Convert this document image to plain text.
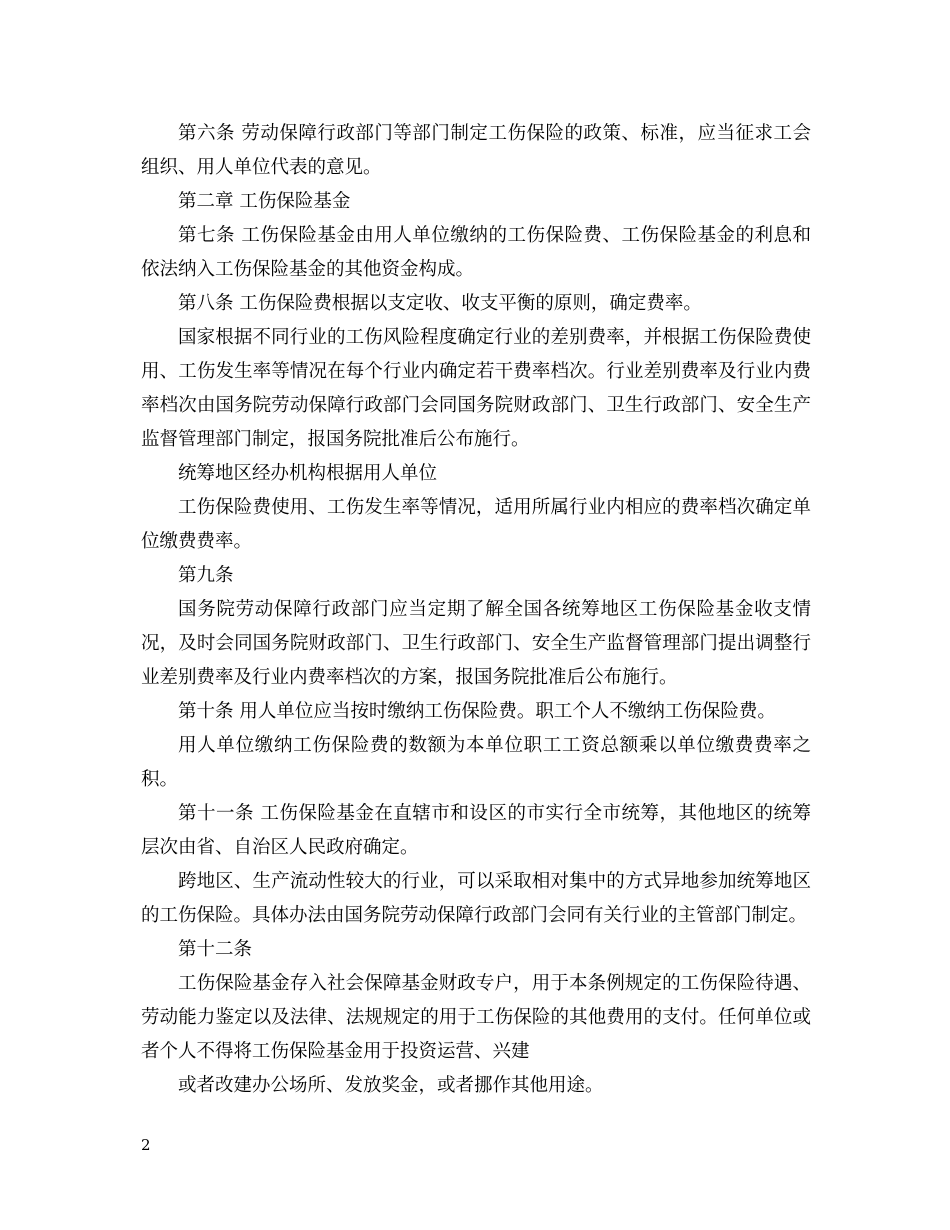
第六条 劳动保障行政部门等部门制定工伤保险的政策、标准，应当征求工会组织、用人单位代表的意见。

第二章 工伤保险基金

第七条 工伤保险基金由用人单位缴纳的工伤保险费、工伤保险基金的利息和依法纳入工伤保险基金的其他资金构成。

第八条 工伤保险费根据以支定收、收支平衡的原则，确定费率。

国家根据不同行业的工伤风险程度确定行业的差别费率，并根据工伤保险费使用、工伤发生率等情况在每个行业内确定若干费率档次。行业差别费率及行业内费率档次由国务院劳动保障行政部门会同国务院财政部门、卫生行政部门、安全生产监督管理部门制定，报国务院批准后公布施行。

统筹地区经办机构根据用人单位

工伤保险费使用、工伤发生率等情况，适用所属行业内相应的费率档次确定单位缴费费率。

第九条

国务院劳动保障行政部门应当定期了解全国各统筹地区工伤保险基金收支情况，及时会同国务院财政部门、卫生行政部门、安全生产监督管理部门提出调整行业差别费率及行业内费率档次的方案，报国务院批准后公布施行。

第十条 用人单位应当按时缴纳工伤保险费。职工个人不缴纳工伤保险费。

用人单位缴纳工伤保险费的数额为本单位职工工资总额乘以单位缴费费率之积。

第十一条 工伤保险基金在直辖市和设区的市实行全市统筹，其他地区的统筹层次由省、自治区人民政府确定。

跨地区、生产流动性较大的行业，可以采取相对集中的方式异地参加统筹地区的工伤保险。具体办法由国务院劳动保障行政部门会同有关行业的主管部门制定。

第十二条

工伤保险基金存入社会保障基金财政专户，用于本条例规定的工伤保险待遇、劳动能力鉴定以及法律、法规规定的用于工伤保险的其他费用的支付。任何单位或者个人不得将工伤保险基金用于投资运营、兴建

或者改建办公场所、发放奖金，或者挪作其他用途。

2
